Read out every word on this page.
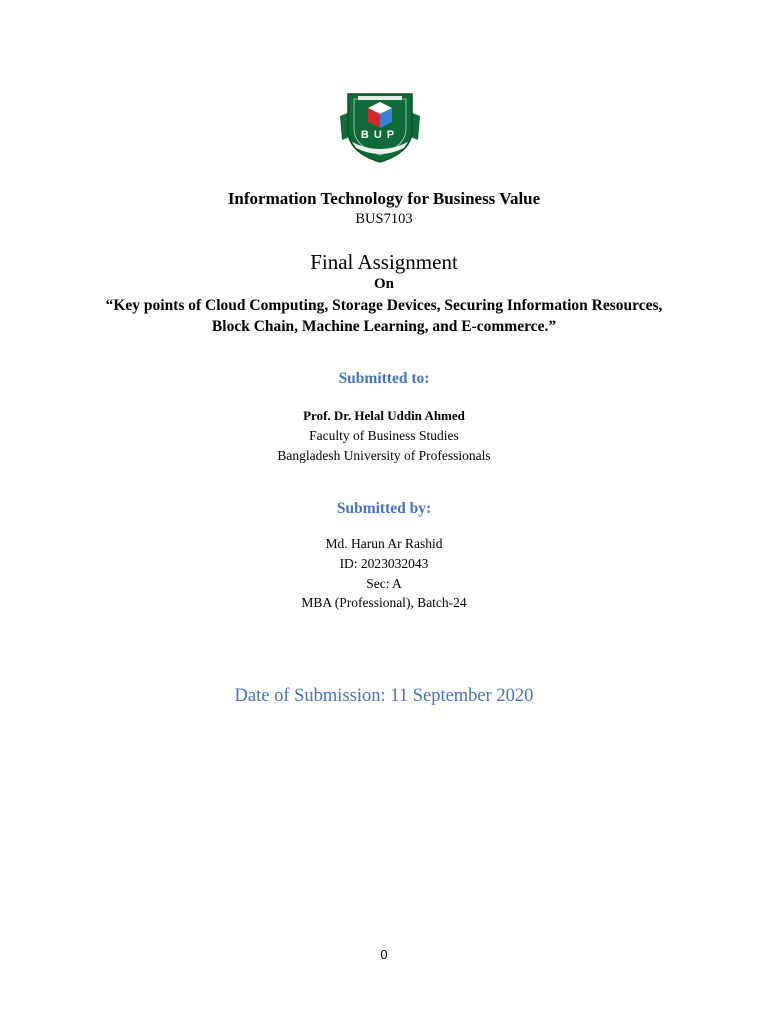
BUP
Information Technology for Business Value
BUS7103
Final Assignment
On
“Key points of Cloud Computing, Storage Devices, Securing Information Resources, Block Chain, Machine Learning, and E-commerce.”
Submitted to:
Prof. Dr. Helal Uddin Ahmed
Faculty of Business Studies
Bangladesh University of Professionals
Submitted by:
Md. Harun Ar Rashid
ID: 2023032043
Sec: A
MBA (Professional), Batch-24
Date of Submission: 11 September 2020
0
